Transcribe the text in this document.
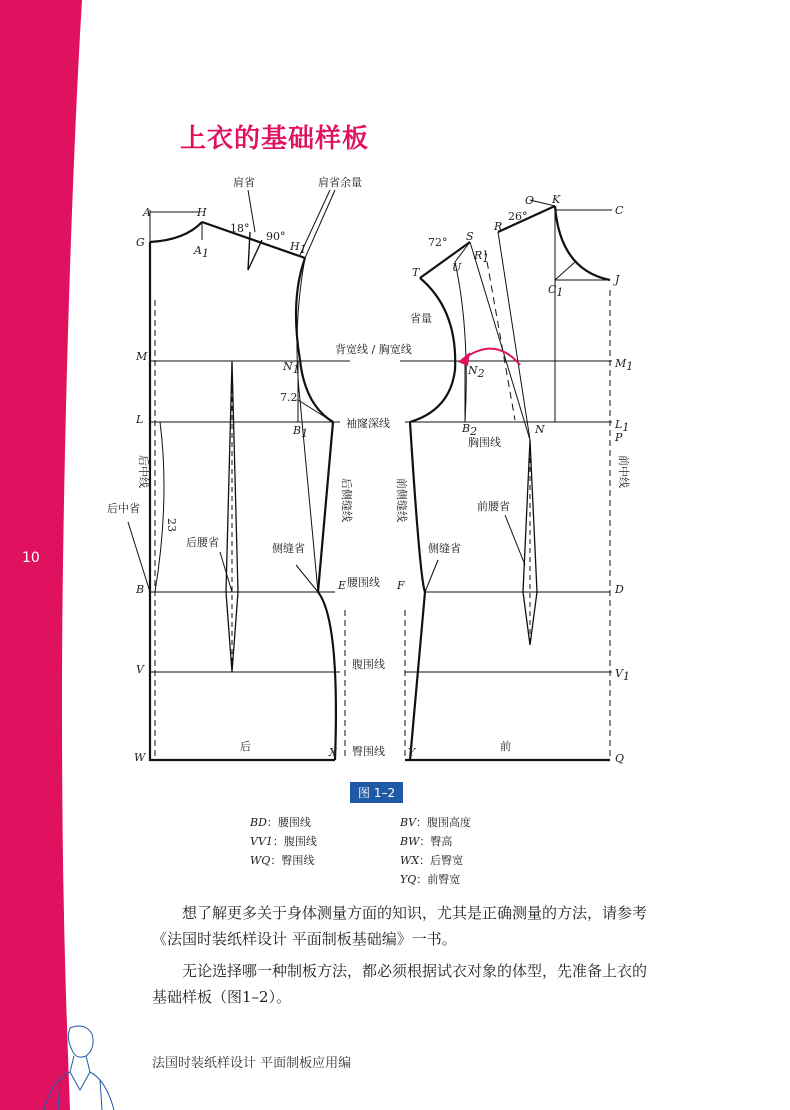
10
上衣的基础样板
A	H
G
A1
H1
M
N1
B1
L
B	E
V
W	X
O K
C
R
S
T	U
R1
J
C1
M1
N2
B2	N	L1
P
F	D
V1
Y	Q
肩省	肩省余量
18°
90°
26°
72°
省量
背宽线 / 胸宽线
袖窿深线
胸围线
腰围线
腹围线
臀围线
后中线	前中线
后侧缝线	前侧缝线
后中省
后腰省	侧缝省	侧缝省
前腰省
后	前
23
7.2
图 1–2
BD：腰围线
VV1：腹围线
WQ：臀围线
BV：腹围高度
BW：臀高
WX：后臀宽
YQ：前臀宽
想了解更多关于身体测量方面的知识，尤其是正确测量的方法，请参考《法国时装纸样设计 平面制板基础编》一书。
无论选择哪一种制板方法，都必须根据试衣对象的体型，先准备上衣的基础样板（图1–2）。
法国时装纸样设计 平面制板应用编
